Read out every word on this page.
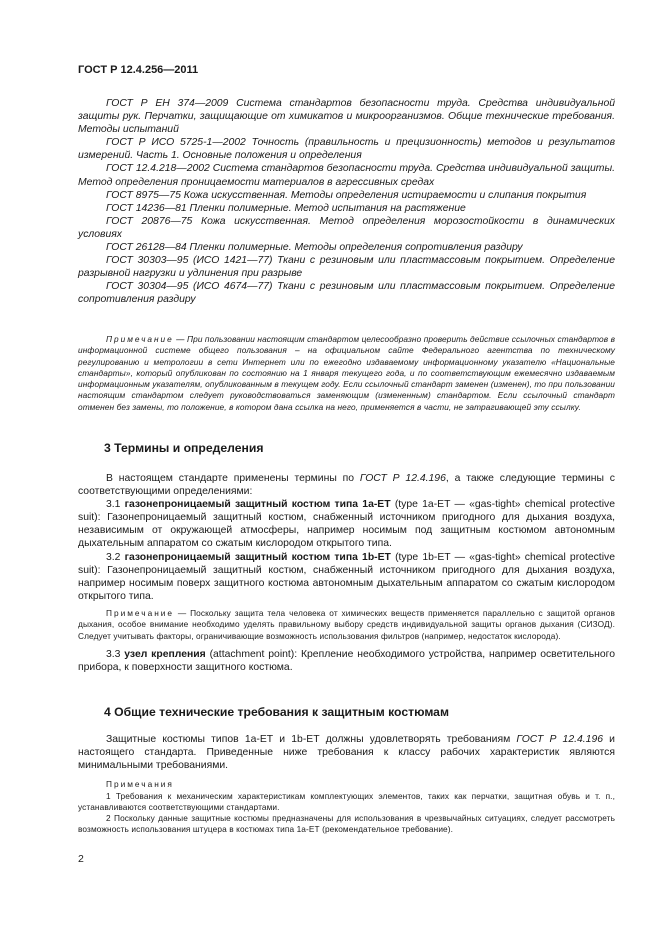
ГОСТ Р 12.4.256—2011

ГОСТ Р ЕН 374—2009 Система стандартов безопасности труда. Средства индивидуальной защиты рук. Перчатки, защищающие от химикатов и микроорганизмов. Общие технические требования. Методы испытаний

ГОСТ Р ИСО 5725-1—2002 Точность (правильность и прецизионность) методов и результатов измерений. Часть 1. Основные положения и определения

ГОСТ 12.4.218—2002 Система стандартов безопасности труда. Средства индивидуальной защиты. Метод определения проницаемости материалов в агрессивных средах

ГОСТ 8975—75 Кожа искусственная. Методы определения истираемости и слипания покрытия

ГОСТ 14236—81 Пленки полимерные. Метод испытания на растяжение

ГОСТ 20876—75 Кожа искусственная. Метод определения морозостойкости в динамических условиях

ГОСТ 26128—84 Пленки полимерные. Методы определения сопротивления раздиру

ГОСТ 30303—95 (ИСО 1421—77) Ткани с резиновым или пластмассовым покрытием. Определение разрывной нагрузки и удлинения при разрыве

ГОСТ 30304—95 (ИСО 4674—77) Ткани с резиновым или пластмассовым покрытием. Определение сопротивления раздиру

Примечание — При пользовании настоящим стандартом целесообразно проверить действие ссылочных стандартов в информационной системе общего пользования – на официальном сайте Федерального агентства по техническому регулированию и метрологии в сети Интернет или по ежегодно издаваемому информационному указателю «Национальные стандарты», который опубликован по состоянию на 1 января текущего года, и по соответствующим ежемесячно издаваемым информационным указателям, опубликованным в текущем году. Если ссылочный стандарт заменен (изменен), то при пользовании настоящим стандартом следует руководствоваться заменяющим (измененным) стандартом. Если ссылочный стандарт отменен без замены, то положение, в котором дана ссылка на него, применяется в части, не затрагивающей эту ссылку.

3 Термины и определения

В настоящем стандарте применены термины по ГОСТ Р 12.4.196, а также следующие термины с соответствующими определениями:

3.1 газонепроницаемый защитный костюм типа 1а-ЕТ (type 1a-ET — «gas-tight» chemical protective suit): Газонепроницаемый защитный костюм, снабженный источником пригодного для дыхания воздуха, независимым от окружающей атмосферы, например носимым под защитным костюмом автономным дыхательным аппаратом со сжатым кислородом открытого типа.

3.2 газонепроницаемый защитный костюм типа 1b-ЕТ (type 1b-ET — «gas-tight» chemical protective suit): Газонепроницаемый защитный костюм, снабженный источником пригодного для дыхания воздуха, например носимым поверх защитного костюма автономным дыхательным аппаратом со сжатым кислородом открытого типа.

Примечание — Поскольку защита тела человека от химических веществ применяется параллельно с защитой органов дыхания, особое внимание необходимо уделять правильному выбору средств индивидуальной защиты органов дыхания (СИЗОД). Следует учитывать факторы, ограничивающие возможность использования фильтров (например, недостаток кислорода).

3.3 узел крепления (attachment point): Крепление необходимого устройства, например осветительного прибора, к поверхности защитного костюма.

4 Общие технические требования к защитным костюмам

Защитные костюмы типов 1а-ЕТ и 1b-ЕТ должны удовлетворять требованиям ГОСТ Р 12.4.196 и настоящего стандарта. Приведенные ниже требования к классу рабочих характеристик являются минимальными требованиями.

Примечания

1 Требования к механическим характеристикам комплектующих элементов, таких как перчатки, защитная обувь и т. п., устанавливаются соответствующими стандартами.

2 Поскольку данные защитные костюмы предназначены для использования в чрезвычайных ситуациях, следует рассмотреть возможность использования штуцера в костюмах типа 1а-ЕТ (рекомендательное требование).

2
